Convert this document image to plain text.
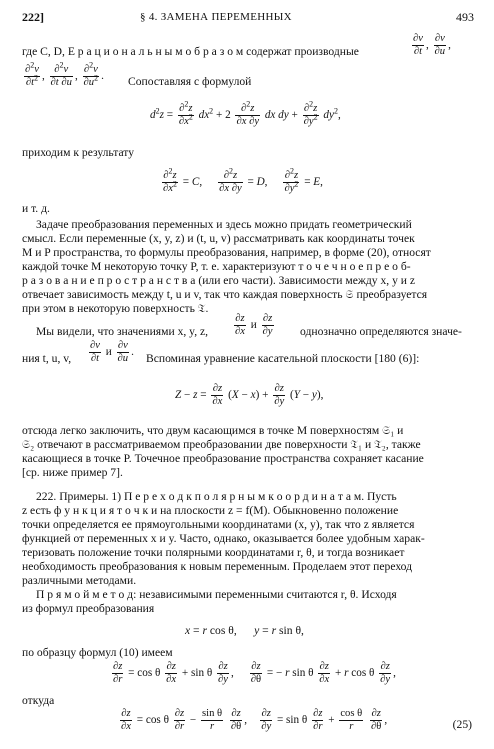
222]	§ 4. ЗАМЕНА ПЕРЕМЕННЫХ	493
где C, D, E р а ц и о н а л ь н ы м о б р а з о м содержат производные	$\frac{\partial v}{\partial t}$ , $\frac{\partial v}{\partial u}$ ,
$\frac{\partial^2v}{\partial t^2}$ , $\frac{\partial^2v}{\partial t \partial u}$ , $\frac{\partial^2v}{\partial u^2}$ . Сопоставляя с формулой
$d^2z = \frac{\partial^2z}{\partial x^2} dx^2 + 2 \frac{\partial^2z}{\partial x \partial y}$ dx dy + $\frac{\partial^2z}{\partial y^2} dy^2$,
приходим к результату
$\frac{\partial^2z}{\partial x^2} = C$, $\frac{\partial^2z}{\partial x \partial y} = D$, $\frac{\partial^2z}{\partial y^2} = E$,
и т. д.
Задаче преобразования переменных и здесь можно придать геометрический
смысл. Если переменные (x, y, z) и (t, u, v) рассматривать как координаты точек
M и P пространства, то формулы преобразования, например, в форме (20), относят
каждой точке M некоторую точку P, т. е. характеризуют т о ч е ч н о е п р е о б-
р а з о в а н и е п р о с т р а н с т в а (или его части). Зависимости между x, y и z
отвечает зависимость между t, u и v, так что каждая поверхность 𝔖 преобразуется
при этом в некоторую поверхность 𝔗.
Мы видели, что значениями x, y, z,	$\frac{\partial z}{\partial x}$ и $\frac{\partial z}{\partial y}$ однозначно определяются значе-
ния t, u, v,	$\frac{\partial v}{\partial t}$ и $\frac{\partial v}{\partial u}$ . Вспоминая уравнение касательной плоскости [180 (6)]:
$Z - z = \frac{\partial z}{\partial x} (X - x) + \frac{\partial z}{\partial y} (Y - y)$,
отсюда легко заключить, что двум касающимся в точке M поверхностям 𝔖₁ и
𝔖₂ отвечают в рассматриваемом преобразовании две поверхности 𝔗₁ и 𝔗₂, также
касающиеся в точке P. Точечное преобразование пространства сохраняет касание
[ср. ниже пример 7].
222. Примеры. 1) П е р е х о д к п о л я р н ы м к о о р д и н а т а м. Пусть
z есть ф у н к ц и я т о ч к и на плоскости z = f(M). Обыкновенно положение
точки определяется ее прямоугольными координатами (x, y), так что z является
функцией от переменных x и y. Часто, однако, оказывается более удобным харак-
теризовать положение точки полярными координатами r, θ, и тогда возникает
необходимость преобразования к новым переменным. Проделаем этот переход
различными методами.
П р я м о й м е т о д: независимыми переменными считаются r, θ. Исходя
из формул преобразования
x = r cos θ,      y = r sin θ,
по образцу формул (10) имеем
$\frac{\partial z}{\partial r} = \cos \theta \frac{\partial z}{\partial x} + \sin \theta \frac{\partial z}{\partial y}$ , $\frac{\partial z}{\partial\theta}$ = − r sin θ $\frac{\partial z}{\partial x} + r$ cos θ $\frac{\partial z}{\partial y}$ ,
откуда
$\frac{\partial z}{\partial x} = \cos \theta \frac{\partial z}{\partial r} - \frac{\text{sin θ}}{r}$
$\frac{\partial z}{\partial\theta}$ , $\frac{\partial z}{\partial y} = \sin \theta \frac{\partial z}{\partial r} + \frac{\text{cos θ}}{r}$
$\frac{\partial z}{\partial\theta}$ ,	(25)
